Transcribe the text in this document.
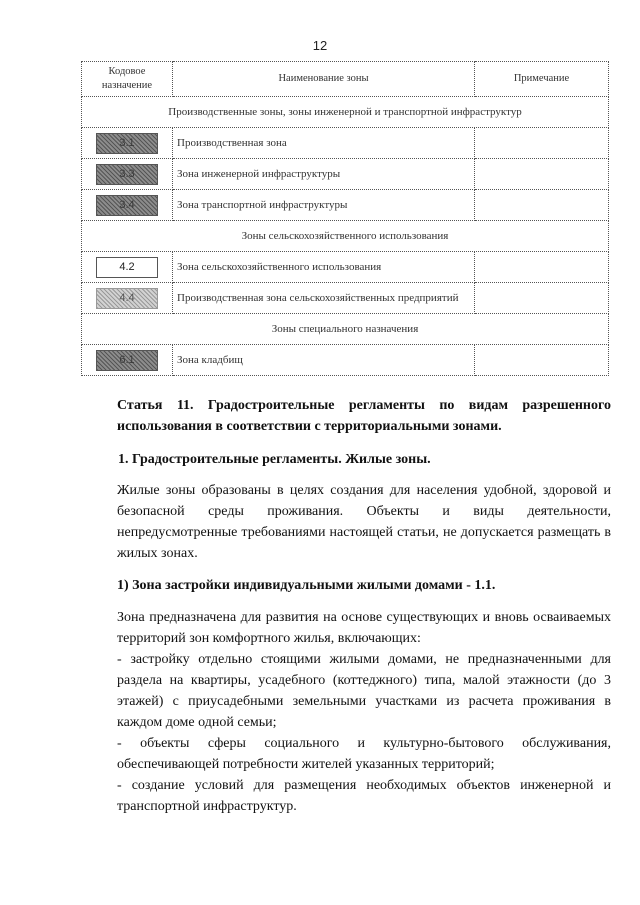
12
Кодовое назначение	Наименование зоны	Примечание
Производственные зоны, зоны инженерной и транспортной инфраструктур		
3.1	Производственная зона	
3.3	Зона инженерной инфраструктуры	
3.4	Зона транспортной инфраструктуры	
Зоны сельскохозяйственного использования		
4.2	Зона сельскохозяйственного использования	
4.4	Производственная зона сельскохозяйственных предприятий	
Зоны специального назначения		
6.1	Зона кладбищ	
Статья 11. Градостроительные регламенты по видам разрешенного использования в соответствии с территориальными зонами.
1. Градостроительные регламенты. Жилые зоны.
Жилые зоны образованы в целях создания для населения удобной, здоровой и безопасной среды проживания. Объекты и виды деятельности, непредусмотренные требованиями настоящей статьи, не допускается размещать в жилых зонах.
1) Зона застройки индивидуальными жилыми домами - 1.1.
Зона предназначена для развития на основе существующих и вновь осваиваемых территорий зон комфортного жилья, включающих:
- застройку отдельно стоящими жилыми домами, не предназначенными для раздела на квартиры, усадебного (коттеджного) типа, малой этажности (до 3 этажей) с приусадебными земельными участками из расчета проживания в каждом доме одной семьи;
- объекты сферы социального и культурно-бытового обслуживания, обеспечивающей потребности жителей указанных территорий;
- создание условий для размещения необходимых объектов инженерной и транспортной инфраструктур.
